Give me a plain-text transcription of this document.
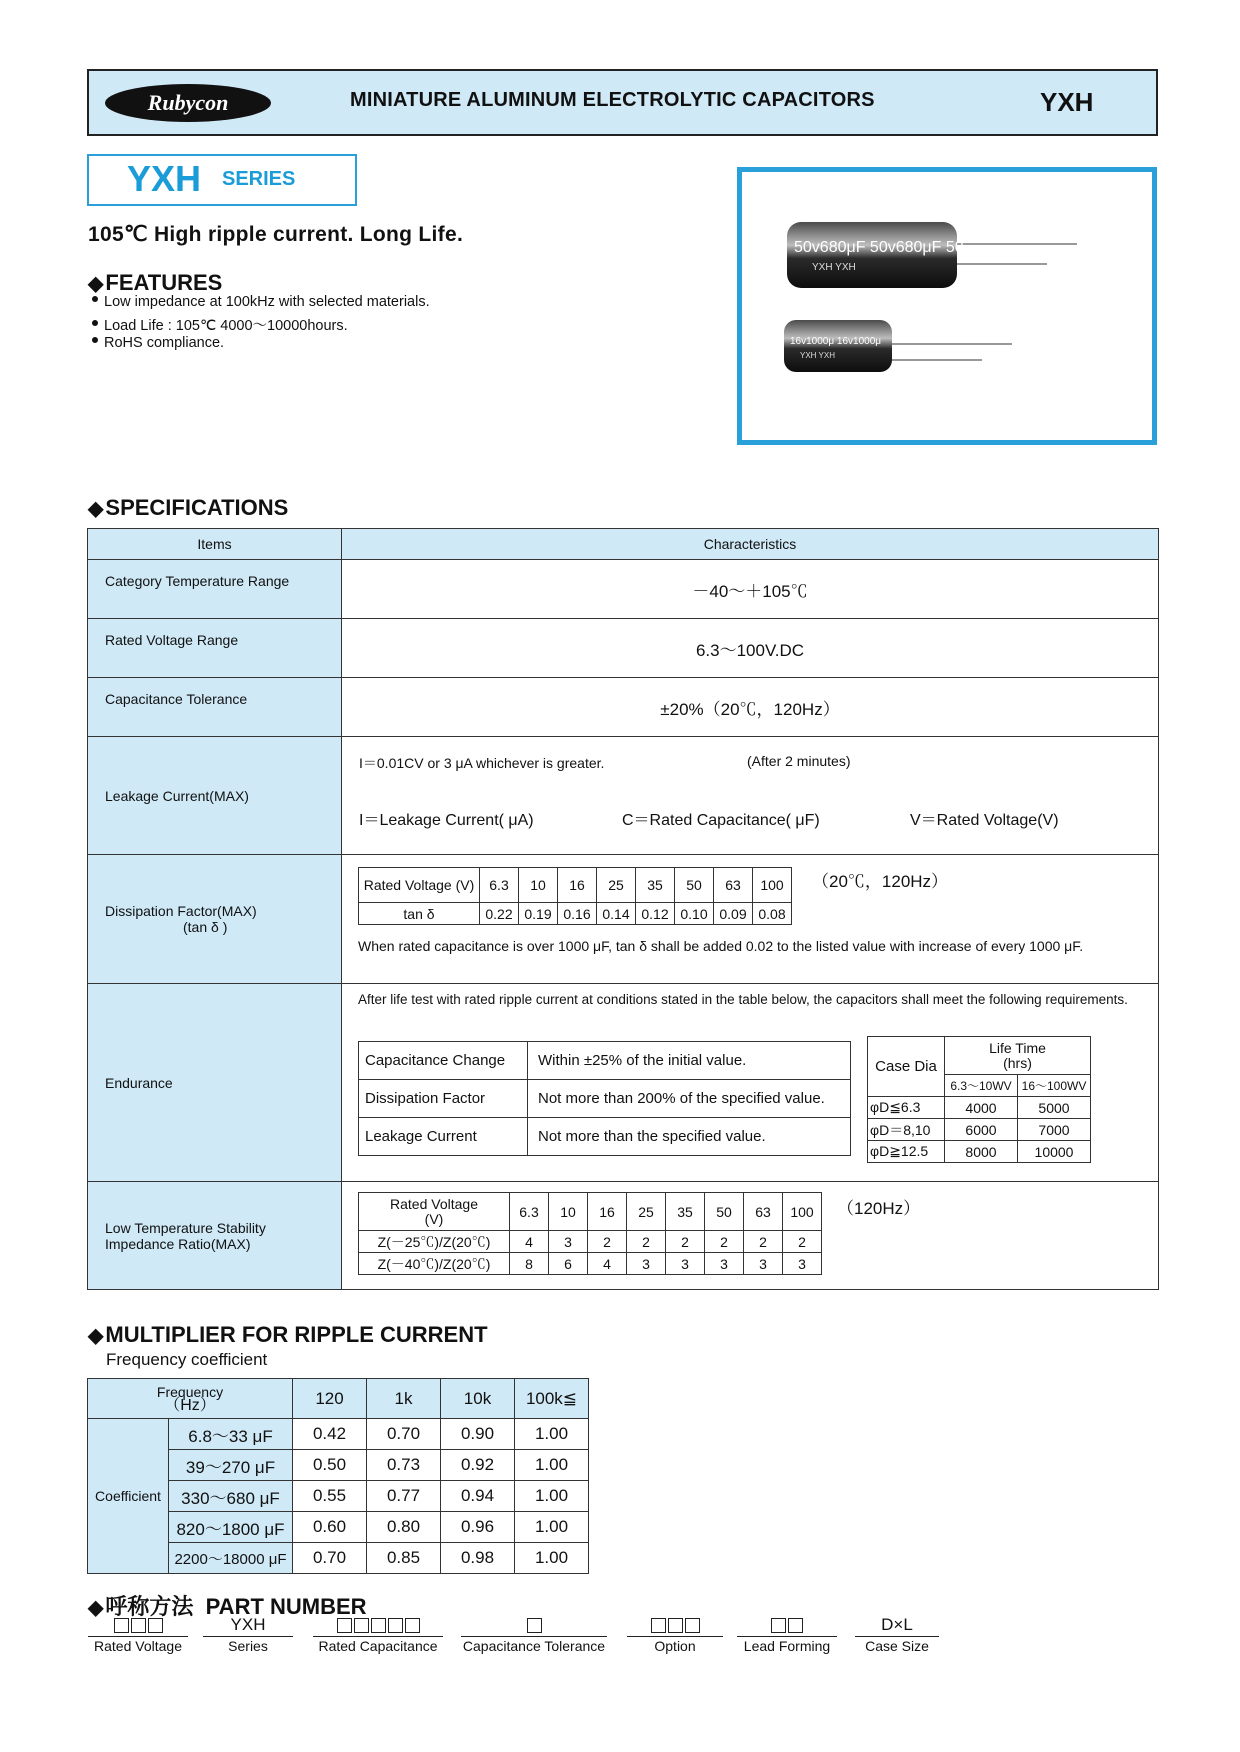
Rubycon	MINIATURE ALUMINUM ELECTROLYTIC CAPACITORS	YXH
YXH SERIES
105℃ High ripple current. Long Life.
◆FEATURES
Low impedance at 100kHz with selected materials.
Load Life : 105℃ 4000～10000hours.
RoHS compliance.
50v680μF 50v680μF 50
YXH YXH
16v1000μ 16v1000μ
YXH YXH
◆SPECIFICATIONS
Items	Characteristics
Category Temperature Range	－40～＋105℃
Rated Voltage Range	6.3～100V.DC
Capacitance Tolerance	±20%（20℃，120Hz）
Leakage Current(MAX)	
I＝0.01CV or 3 μA whichever is greater.	(After 2 minutes)
I＝Leakage Current( μA)	C＝Rated Capacitance( μF)	V＝Rated Voltage(V)

Dissipation Factor(MAX)
(tan δ )

Rated Voltage (V)	6.3	10	16	25	35	50	63	100
tan δ	0.22	0.19	0.16	0.14	0.12	0.10	0.09	0.08
（20℃，120Hz）
When rated capacitance is over 1000 μF, tan δ shall be added 0.02 to the listed value with increase of every 1000 μF.

Endurance	
After life test with rated ripple current at conditions stated in the table below, the capacitors shall meet the following requirements.
Capacitance Change	Within ±25% of the initial value.
Dissipation Factor	Not more than 200% of the specified value.
Leakage Current	Not more than the specified value.
Case Dia	
Life Time
(hrs)

6.3～10WV	16～100WV
φD≦6.3	4000	5000
φD＝8,10	6000	7000
φD≧12.5	8000	10000

Low Temperature Stability
Impedance Ratio(MAX)

Rated Voltage
(V)	6.3	10	16	25	35	50	63	100
Z(－25℃)/Z(20℃)	4	3	2	2	2	2	2	2
Z(－40℃)/Z(20℃)	8	6	4	3	3	3	3	3
（120Hz）
◆MULTIPLIER FOR RIPPLE CURRENT
Frequency coefficient
Frequency
（Hz）		120	1k	10k	100k≦
Coefficient	6.8～33 μF	0.42	0.70	0.90	1.00
	39～270 μF	0.50	0.73	0.92	1.00
	330～680 μF	0.55	0.77	0.94	1.00
	820～1800 μF	0.60	0.80	0.96	1.00
	2200～18000 μF	0.70	0.85	0.98	1.00
◆呼称方法 PART NUMBER
Rated Voltage
YXH
Series	Rated Capacitance	Capacitance Tolerance	Option	Lead Forming
D×L
Case Size
